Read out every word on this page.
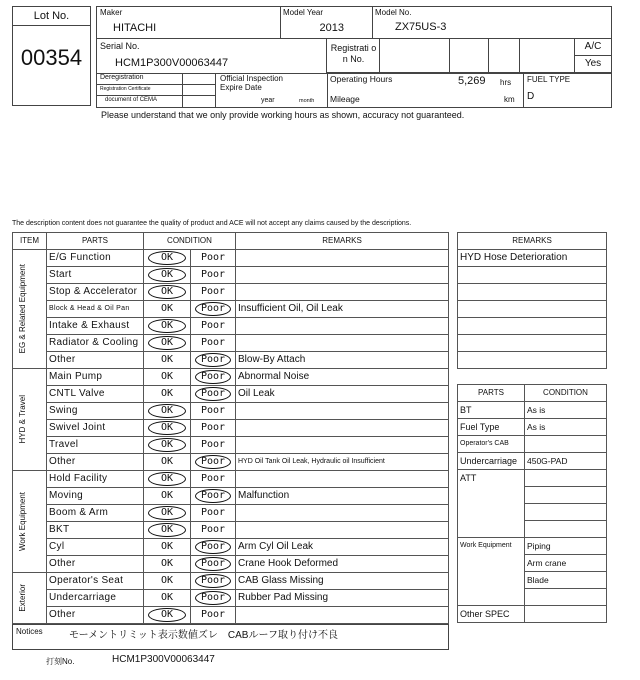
Lot No.
00354
Maker
HITACHI
Model Year
2013
Model No.
ZX75US-3
Serial No.
HCM1P300V00063447
Registrati on No.
A/C
Yes
Deregistration
Registration Certificate
document of CEMA
Official Inspection
Expire Date
year	month
Operating Hours	5,269 hrs
Mileage	km
FUEL TYPE
D
Please understand that we only provide working hours as shown, accuracy not guaranteed.
The description content does not guarantee the quality of product and ACE will not accept any claims caused by the descriptions.
ITEM	PARTS	CONDITION		REMARKS

EG & Related Equipment	E/G Function	OK	Poor	
	Start	OK	Poor	
	Stop & Accelerator	OK	Poor	
	Block & Head & Oil Pan	OK	Poor	Insufficient Oil, Oil Leak
	Intake & Exhaust	OK	Poor	
	Radiator & Cooling	OK	Poor	
	Other	OK	Poor	Blow-By Attach

HYD & Travel	Main Pump	OK	Poor	Abnormal Noise
	CNTL Valve	OK	Poor	Oil Leak
	Swing	OK	Poor	
	Swivel Joint	OK	Poor	
	Travel	OK	Poor	
	Other	OK	Poor	HYD Oil Tank Oil Leak, Hydraulic oil Insufficient

Work Equipment	Hold Facility	OK	Poor	
	Moving	OK	Poor	Malfunction
	Boom & Arm	OK	Poor	
	BKT	OK	Poor	
	Cyl	OK	Poor	Arm Cyl Oil Leak
	Other	OK	Poor	Crane Hook Deformed

Exterior	Operator's Seat	OK	Poor	CAB Glass Missing
	Undercarriage	OK	Poor	Rubber Pad Missing
	Other	OK	Poor	
Notices	モーメントリミット表示数値ズレ　CABルーフ取り付け不良
打刻No.	HCM1P300V00063447
REMARKS
HYD Hose Deterioration

PARTS	CONDITION
BT	As is
Fuel Type	As is
Operator's CAB	
Undercarriage	450G-PAD
ATT	

Work Equipment	Piping
	Arm crane
	Blade

Other SPEC	
